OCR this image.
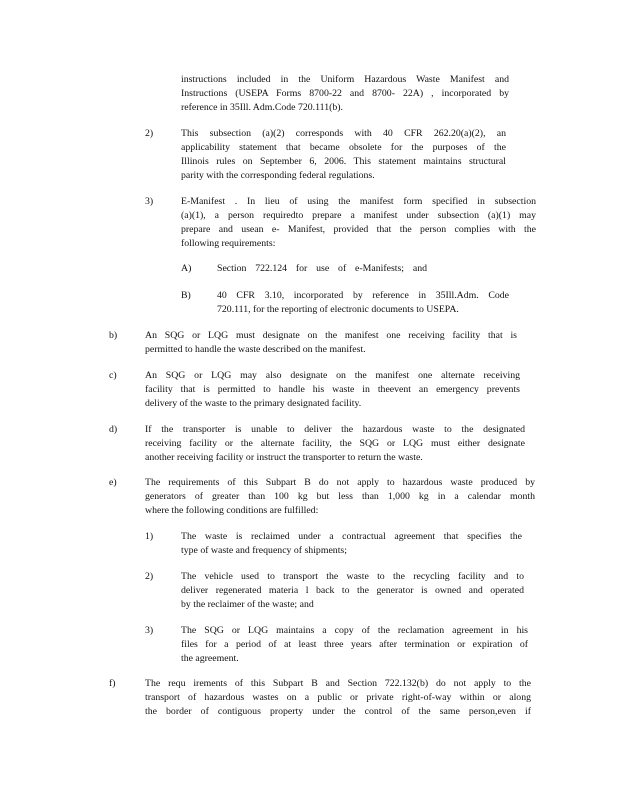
instructions included in the Uniform Hazardous Waste Manifest and
Instructions (USEPA Forms 8700-22 and 8700- 22A) , incorporated by
reference in 35Ill. Adm.Code 720.111(b).
2)	This subsection (a)(2) corresponds with 40 CFR 262.20(a)(2), an
applicability statement that became obsolete for the purposes of the
Illinois rules on September 6, 2006. This statement maintains structural
parity with the corresponding federal regulations.
3)	E-Manifest . In lieu of using the manifest form specified in subsection
(a)(1), a person requiredto prepare a manifest under subsection (a)(1) may
prepare and usean e- Manifest, provided that the person complies with the
following requirements:
A)	Section 722.124 for use of e-Manifests; and
B)	40 CFR 3.10, incorporated by reference in 35Ill.Adm. Code
720.111, for the reporting of electronic documents to USEPA.
b)	An SQG or LQG must designate on the manifest one receiving facility that is
permitted to handle the waste described on the manifest.
c)	An SQG or LQG may also designate on the manifest one alternate receiving
facility that is permitted to handle his waste in theevent an emergency prevents
delivery of the waste to the primary designated facility.
d)	If the transporter is unable to deliver the hazardous waste to the designated
receiving facility or the alternate facility, the SQG or LQG must either designate
another receiving facility or instruct the transporter to return the waste.
e)	The requirements of this Subpart B do not apply to hazardous waste produced by
generators of greater than 100 kg but less than 1,000 kg in a calendar month
where the following conditions are fulfilled:
1)	The waste is reclaimed under a contractual agreement that specifies the
type of waste and frequency of shipments;
2)	The vehicle used to transport the waste to the recycling facility and to
deliver regenerated materia l back to the generator is owned and operated
by the reclaimer of the waste; and
3)	The SQG or LQG maintains a copy of the reclamation agreement in his
files for a period of at least three years after termination or expiration of
the agreement.
f)	The requ irements of this Subpart B and Section 722.132(b) do not apply to the
transport of hazardous wastes on a public or private right-of-way within or along
the border of contiguous property under the control of the same person,even if
